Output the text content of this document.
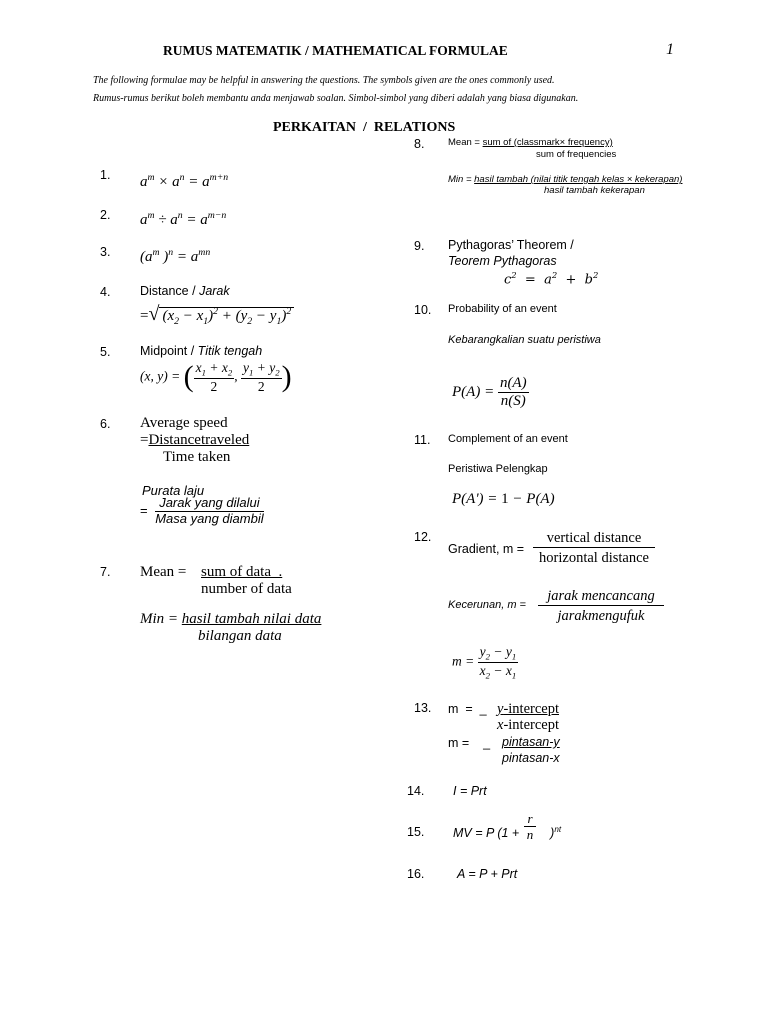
RUMUS MATEMATIK / MATHEMATICAL FORMULAE	1
The following formulae may be helpful in answering the questions. The symbols given are the ones commonly used.
Rumus-rumus berikut boleh membantu anda menjawab soalan. Simbol-simbol yang diberi adalah yang biasa digunakan.
PERKAITAN  /  RELATIONS
1. $a^m \times a^n = a^{m+n}$
2. $a^m \div a^n = a^{m-n}$
3. ($a^m$ )$^n = a^{mn}$
4. Distance / Jarak
=√ $(x_2 - x_1)^2 + (y_2 - y_1)^2$
5. Midpoint / Titik tengah
(x, y) = ( $\frac{x_1 + x_2}{2}$ , $\frac{y_1 + y_2}{2}$ )
6. Average speed
=Distancetraveled
Time taken
Purata laju
= $\frac{\text{Jarak yang dilalui}}{\text{Masa yang diambil}}$
7. Mean = sum of data  .
number of data
Min = hasil tambah nilai data
bilangan data
8. Mean = sum of (classmark× frequency)
sum of frequencies
Min = hasil tambah (nilai titik tengah kelas × kekerapan)
hasil tambah kekerapan
9. Pythagoras’ Theorem /
Teorem Pythagoras
$c^2 = a^2 + b^2$
10. Probability of an event
Kebarangkalian suatu peristiwa
$P(A) = \frac{n(A)}{n(S)}$
11. Complement of an event
Peristiwa Pelengkap
P(A') = 1 − P(A)
12.
Gradient, m =
vertical distance
horizontal distance
Kecerunan, m =
jarak mencancang
jarakmengufuk
$m = \frac{y_2 - y_1}{x_2 - x_1}$
13. m  =  _ y-intercept
x-intercept
m =    _ pintasan-y
pintasan-x
14. I = Prt
15. MV = P $(1 + )^{nt}$
r
n
16.	A = P + Prt
